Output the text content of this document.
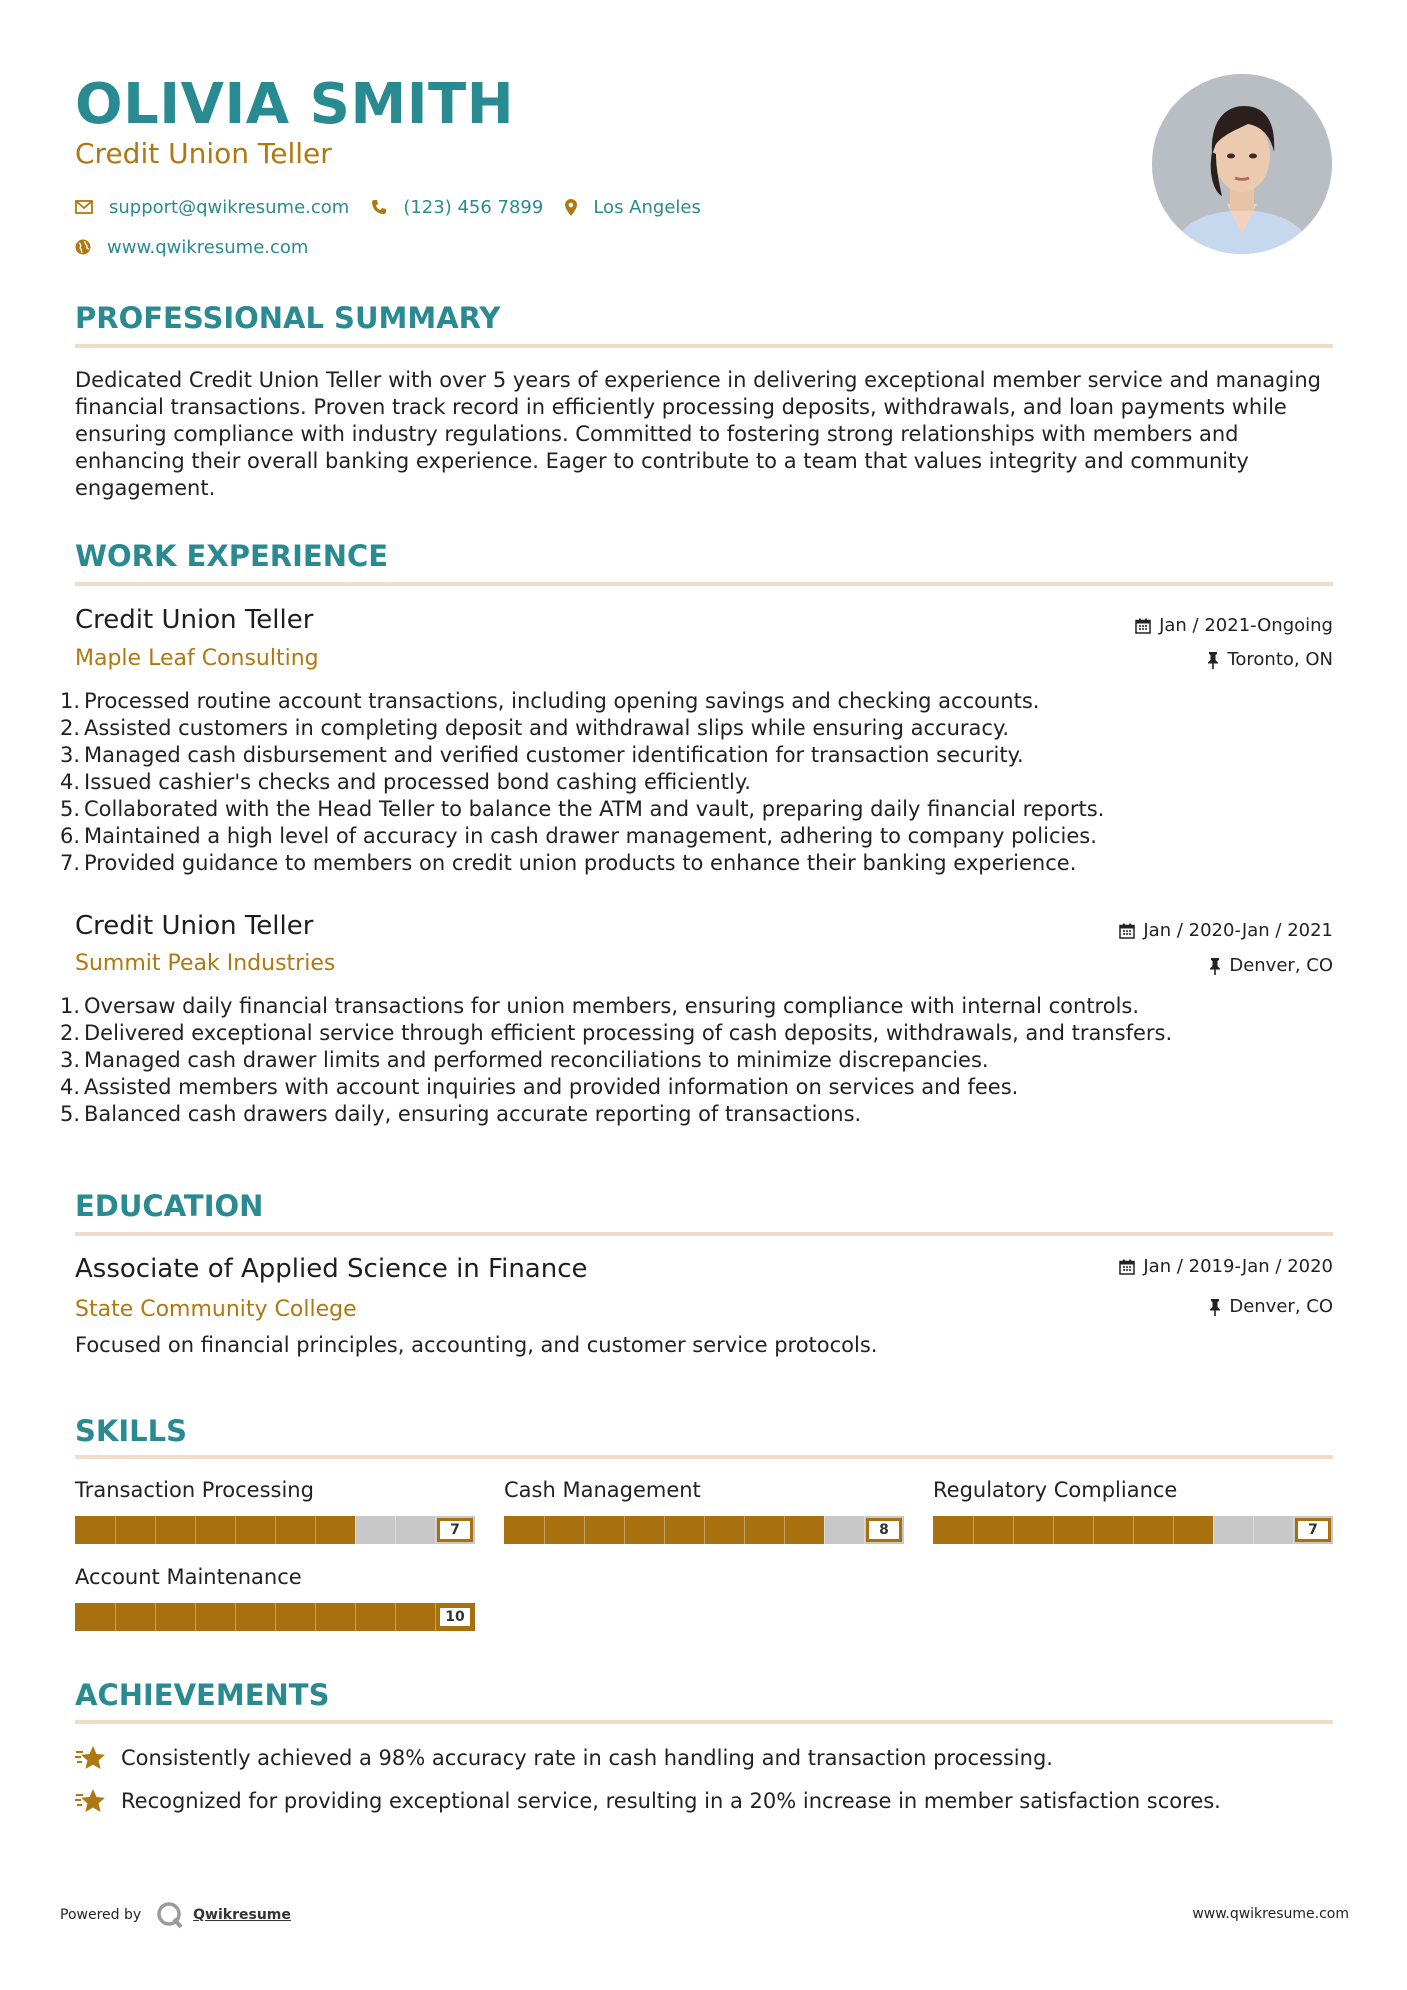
OLIVIA SMITH
Credit Union Teller
support@qwikresume.com	(123) 456 7899	Los Angeles
www.qwikresume.com
PROFESSIONAL SUMMARY

Dedicated Credit Union Teller with over 5 years of experience in delivering exceptional member service and managing financial transactions. Proven track record in efficiently processing deposits, withdrawals, and loan payments while ensuring compliance with industry regulations. Committed to fostering strong relationships with members and enhancing their overall banking experience. Eager to contribute to a team that values integrity and community engagement.

WORK EXPERIENCE
Credit Union Teller	Jan / 2021-Ongoing
Maple Leaf Consulting	Toronto, ON
1. Processed routine account transactions, including opening savings and checking accounts.
2. Assisted customers in completing deposit and withdrawal slips while ensuring accuracy.
3. Managed cash disbursement and verified customer identification for transaction security.
4. Issued cashier's checks and processed bond cashing efficiently.
5. Collaborated with the Head Teller to balance the ATM and vault, preparing daily financial reports.
6. Maintained a high level of accuracy in cash drawer management, adhering to company policies.
7. Provided guidance to members on credit union products to enhance their banking experience.
Credit Union Teller	Jan / 2020-Jan / 2021
Summit Peak Industries	Denver, CO
1. Oversaw daily financial transactions for union members, ensuring compliance with internal controls.
2. Delivered exceptional service through efficient processing of cash deposits, withdrawals, and transfers.
3. Managed cash drawer limits and performed reconciliations to minimize discrepancies.
4. Assisted members with account inquiries and provided information on services and fees.
5. Balanced cash drawers daily, ensuring accurate reporting of transactions.
EDUCATION
Associate of Applied Science in Finance	Jan / 2019-Jan / 2020
State Community College	Denver, CO

Focused on financial principles, accounting, and customer service protocols.

SKILLS
Transaction Processing
7
Cash Management
8
Regulatory Compliance
7
Account Maintenance
10
ACHIEVEMENTS
Consistently achieved a 98% accuracy rate in cash handling and transaction processing.
Recognized for providing exceptional service, resulting in a 20% increase in member satisfaction scores.
Powered by	Qwikresume	www.qwikresume.com
